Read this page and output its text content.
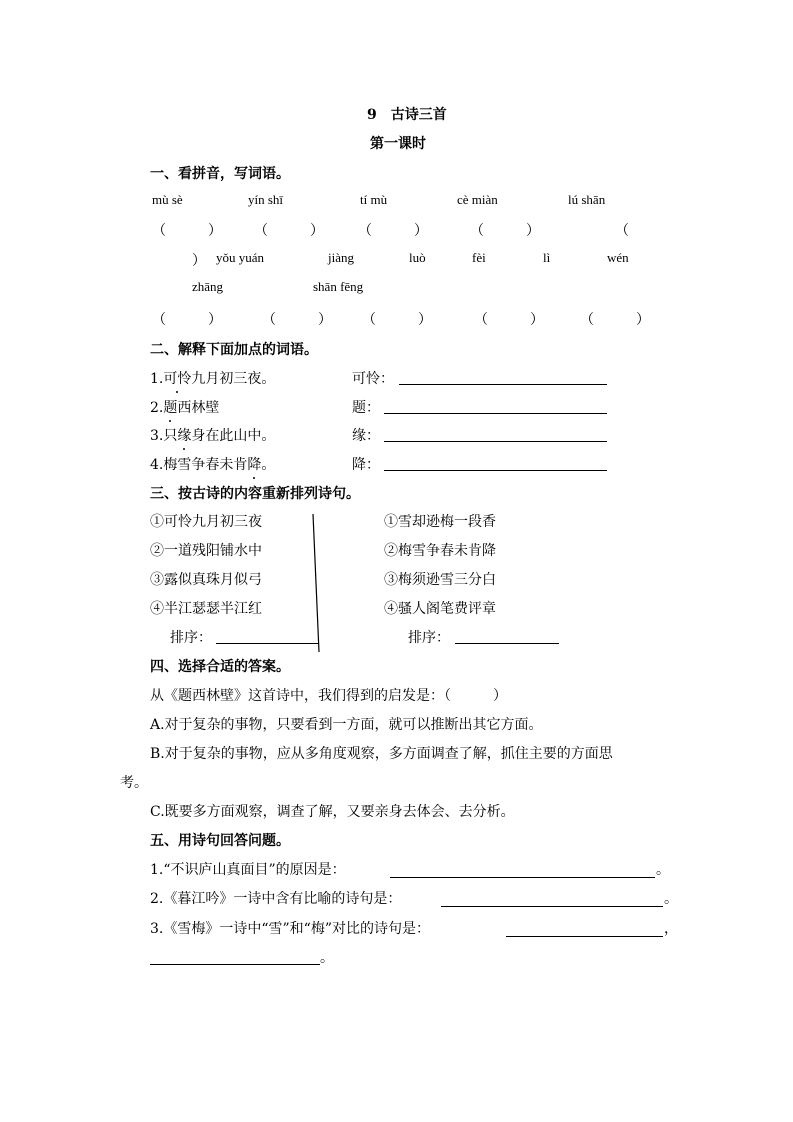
9　古诗三首
第一课时
一、看拼音，写词语。
mù sè	yín shī	tí mù	cè miàn	lú shān
（　　　） （　　　） （　　　）	（　　　）	（
） yǒu yuán	jiàng	luò	fèi	lì	wén
zhāng	shān fēng
（　　　）	（　　　） （　　　）	（　　　）	（　　　）
二、解释下面加点的词语。
1.可怜九月初三夜。	可怜：
2.题西林壁	题：
3.只缘身在此山中。	缘：
4.梅雪争春未肯降。	降：
三、按古诗的内容重新排列诗句。
①可怜九月初三夜
②一道残阳铺水中
③露似真珠月似弓
④半江瑟瑟半江红
①雪却逊梅一段香
②梅雪争春未肯降
③梅须逊雪三分白
④骚人阁笔费评章
排序：	排序：
四、选择合适的答案。
从《题西林壁》这首诗中，我们得到的启发是：（　　　）
A.对于复杂的事物，只要看到一方面，就可以推断出其它方面。
B.对于复杂的事物，应从多角度观察，多方面调查了解，抓住主要的方面思
考。
C.既要多方面观察，调查了解，又要亲身去体会、去分析。
五、用诗句回答问题。
1.“不识庐山真面目”的原因是：	。
2.《暮江吟》一诗中含有比喻的诗句是：	。
3.《雪梅》一诗中“雪”和“梅”对比的诗句是：	，
。
